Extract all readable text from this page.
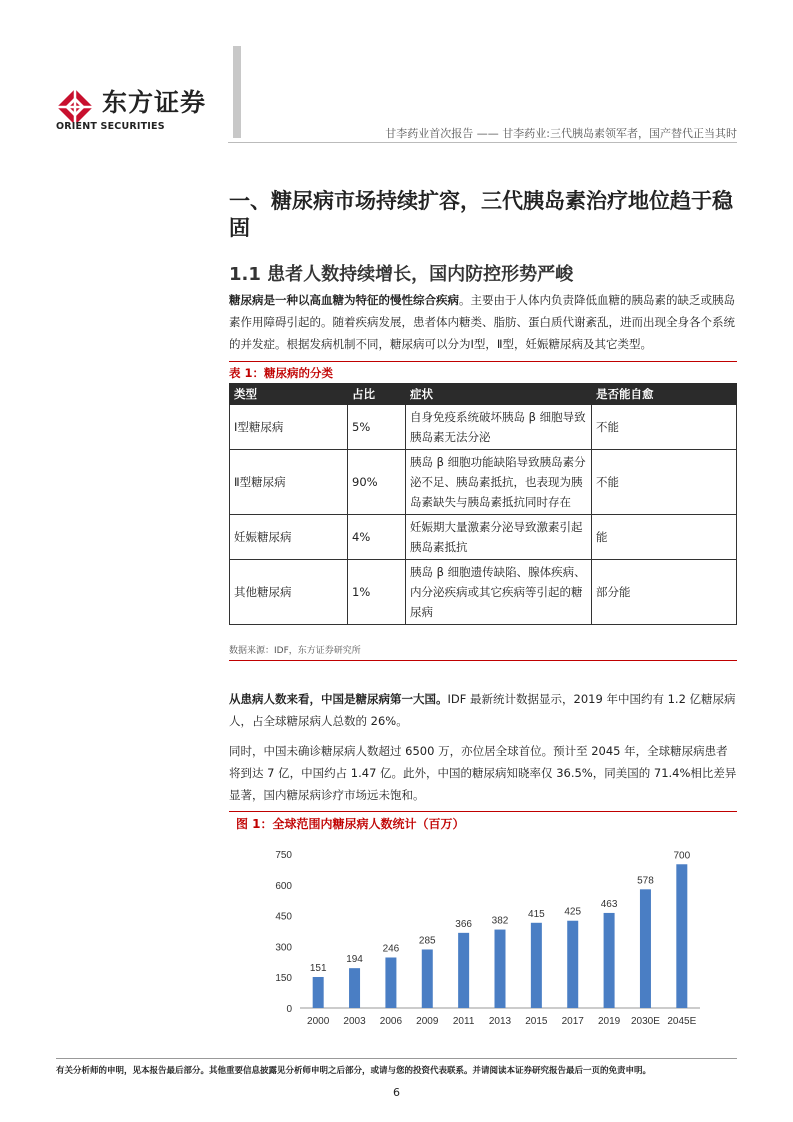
东方证券
ORIENT SECURITIES
甘李药业首次报告 —— 甘李药业:三代胰岛素领军者，国产替代正当其时
一、糖尿病市场持续扩容，三代胰岛素治疗地位趋于稳固
1.1 患者人数持续增长，国内防控形势严峻
糖尿病是一种以高血糖为特征的慢性综合疾病。主要由于人体内负责降低血糖的胰岛素的缺乏或胰岛素作用障碍引起的。随着疾病发展，患者体内糖类、脂肪、蛋白质代谢紊乱，进而出现全身各个系统的并发症。根据发病机制不同，糖尿病可以分为Ⅰ型，Ⅱ型，妊娠糖尿病及其它类型。
表 1：糖尿病的分类
类型	占比	症状	是否能自愈
Ⅰ型糖尿病	5%	自身免疫系统破坏胰岛 β 细胞导致胰岛素无法分泌	不能
Ⅱ型糖尿病	90%	胰岛 β 细胞功能缺陷导致胰岛素分泌不足、胰岛素抵抗，也表现为胰岛素缺失与胰岛素抵抗同时存在	不能
妊娠糖尿病	4%	妊娠期大量激素分泌导致激素引起胰岛素抵抗	能
其他糖尿病	1%	胰岛 β 细胞遗传缺陷、腺体疾病、内分泌疾病或其它疾病等引起的糖尿病	部分能
数据来源：IDF，东方证券研究所
从患病人数来看，中国是糖尿病第一大国。IDF 最新统计数据显示，2019 年中国约有 1.2 亿糖尿病人，占全球糖尿病人总数的 26%。
同时，中国未确诊糖尿病人数超过 6500 万，亦位居全球首位。预计至 2045 年，全球糖尿病患者将到达 7 亿，中国约占 1.47 亿。此外，中国的糖尿病知晓率仅 36.5%，同美国的 71.4%相比差异显著，国内糖尿病诊疗市场远未饱和。
图 1：全球范围内糖尿病人数统计（百万）
0
150
300
450
600
750
151
2000
194
2003
246
2006
285
2009
366
2011
382
2013
415
2015
425
2017
463
2019
578
2030E
700
2045E
有关分析师的申明，见本报告最后部分。其他重要信息披露见分析师申明之后部分，或请与您的投资代表联系。并请阅读本证券研究报告最后一页的免责申明。
6
